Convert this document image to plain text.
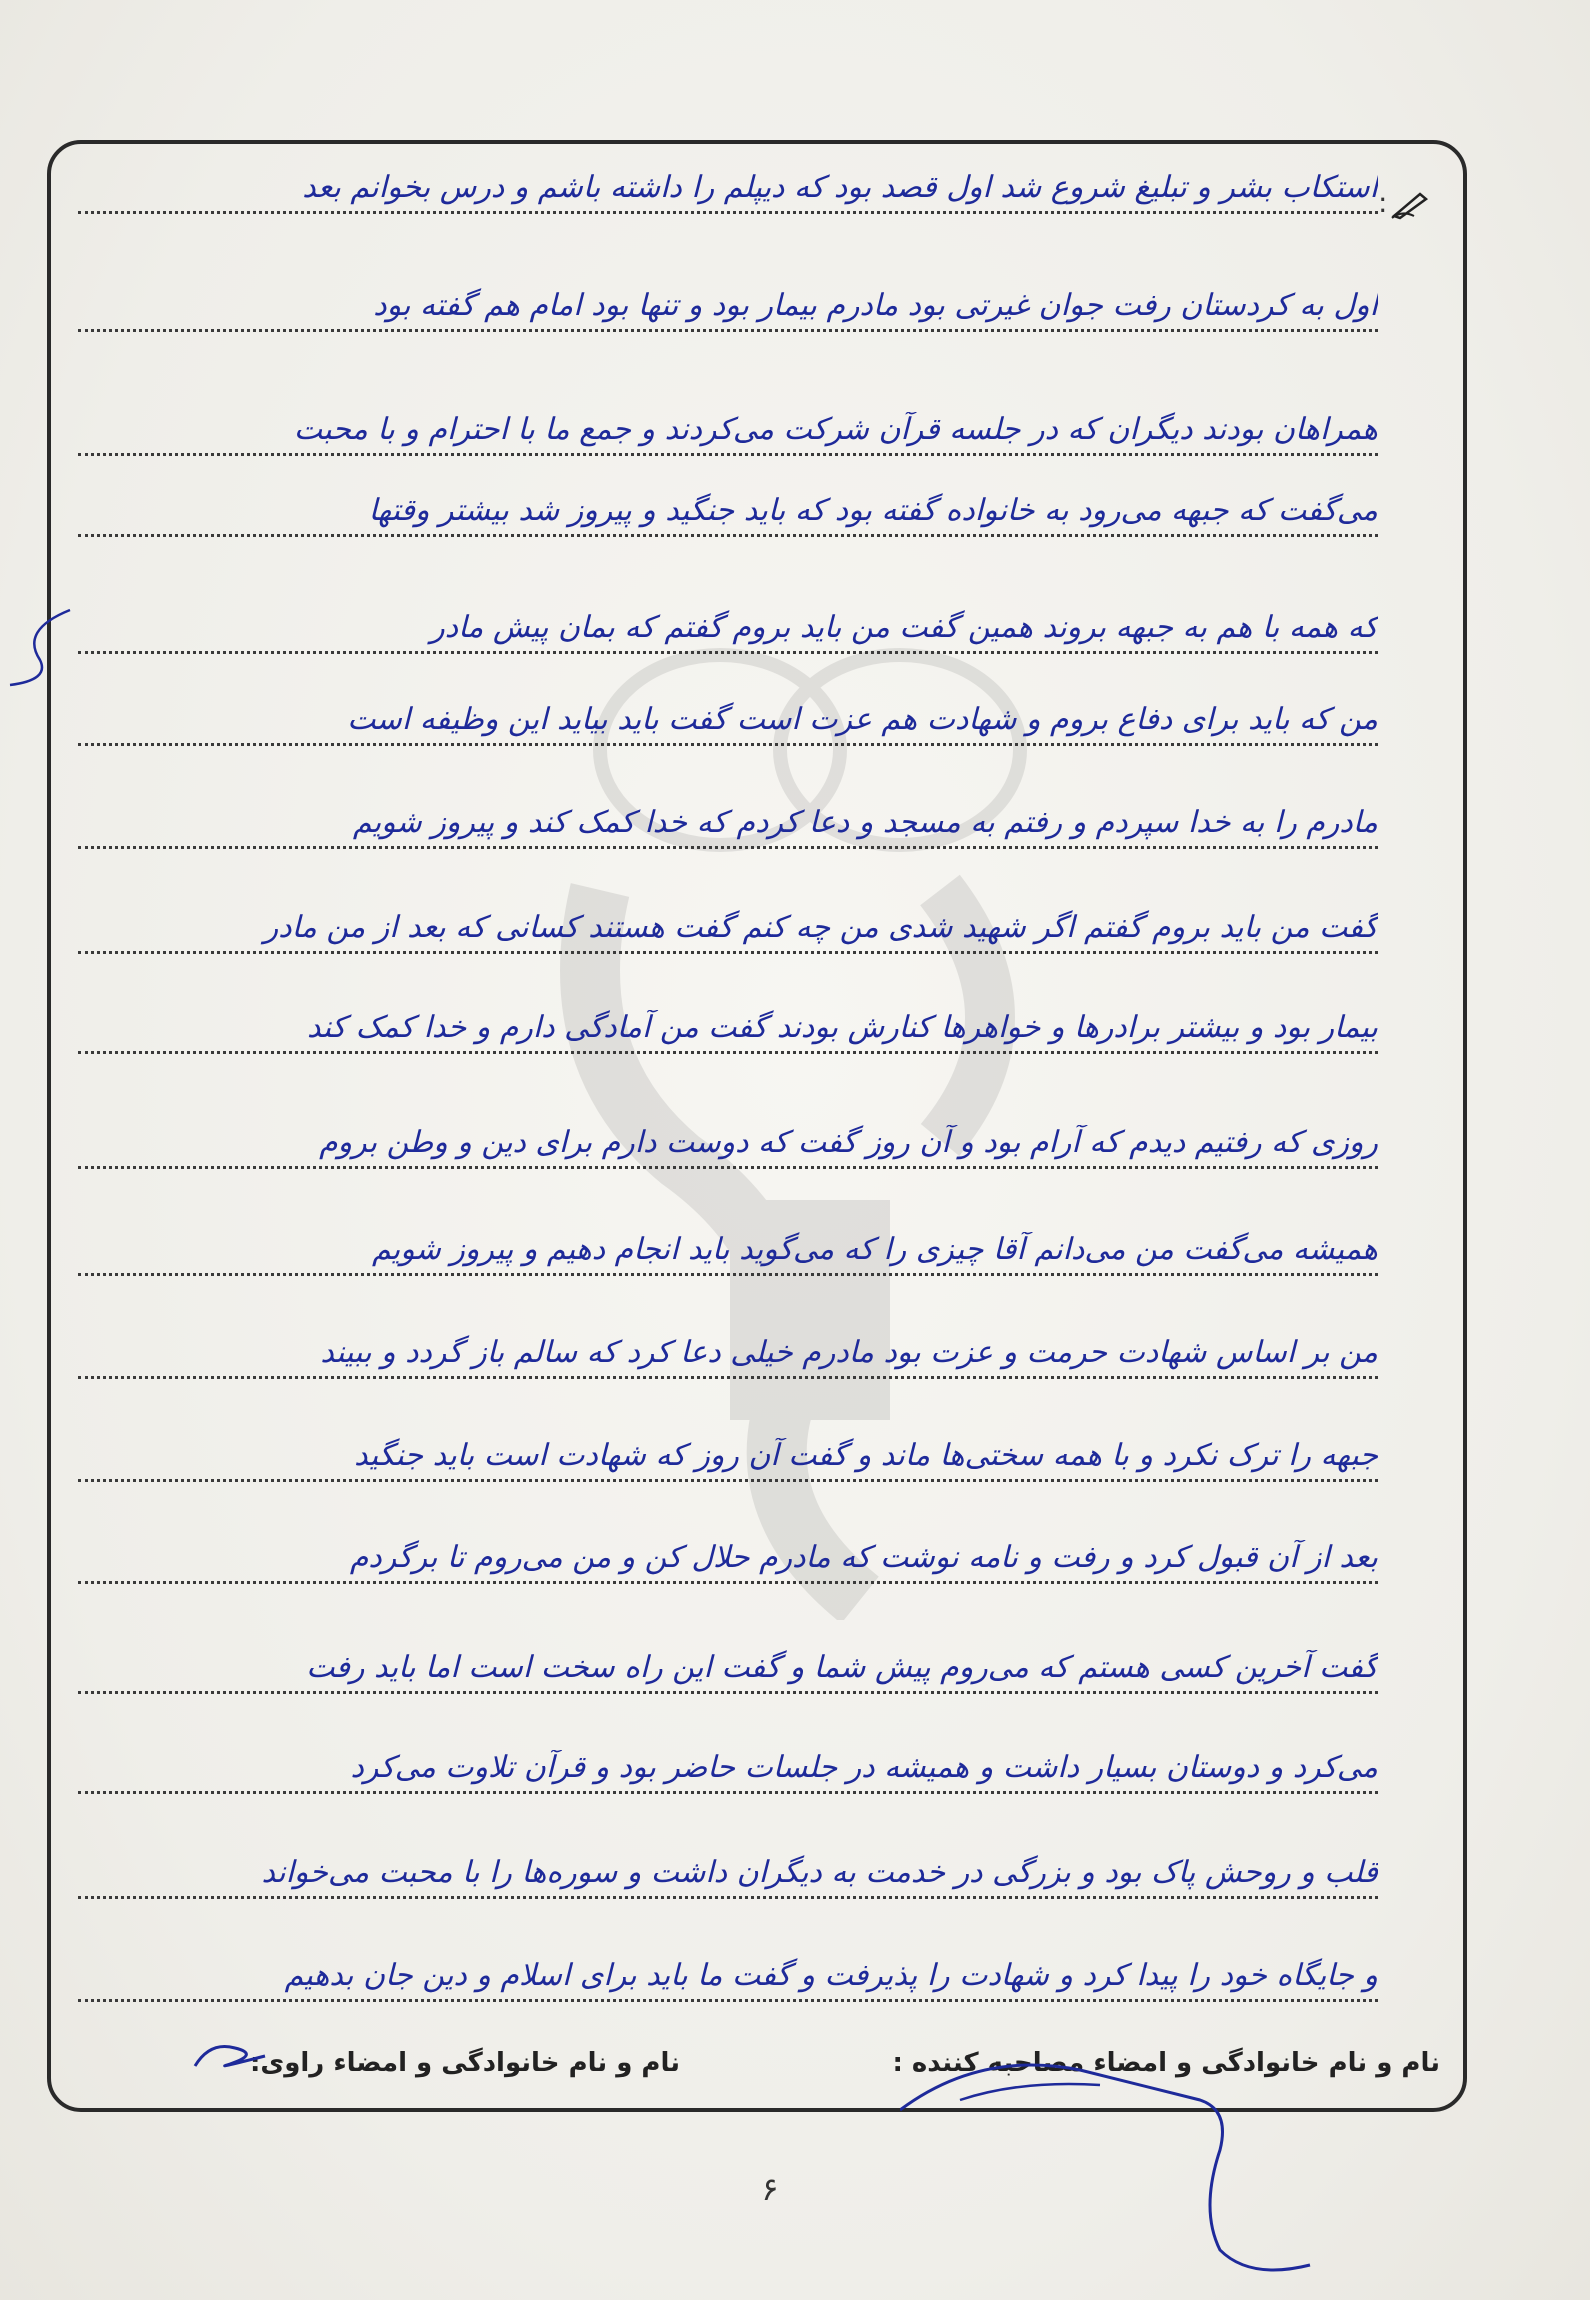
:
استکاب بشر و تبلیغ شروع شد اول قصد بود که دیپلم را داشته باشم و درس بخوانم بعد
اول به کردستان رفت جوان غیرتی بود مادرم بیمار بود و تنها بود امام هم گفته بود
همراهان بودند دیگران که در جلسه قرآن شرکت می‌کردند و جمع ما با احترام و با محبت
می‌گفت که جبهه می‌رود به خانواده گفته بود که باید جنگید و پیروز شد بیشتر وقتها
که همه با هم به جبهه بروند همین گفت من باید بروم گفتم که بمان پیش مادر
من که باید برای دفاع بروم و شهادت هم عزت است گفت باید بیاید این وظیفه است
مادرم را به خدا سپردم و رفتم به مسجد و دعا کردم که خدا کمک کند و پیروز شویم
گفت من باید بروم گفتم اگر شهید شدی من چه کنم گفت هستند کسانی که بعد از من مادر
بیمار بود و بیشتر برادرها و خواهرها کنارش بودند گفت من آمادگی دارم و خدا کمک کند
روزی که رفتیم دیدم که آرام بود و آن روز گفت که دوست دارم برای دین و وطن بروم
همیشه می‌گفت من می‌دانم آقا چیزی را که می‌گوید باید انجام دهیم و پیروز شویم
من بر اساس شهادت حرمت و عزت بود مادرم خیلی دعا کرد که سالم باز گردد و ببیند
جبهه را ترک نکرد و با همه سختی‌ها ماند و گفت آن روز که شهادت است باید جنگید
بعد از آن قبول کرد و رفت و نامه نوشت که مادرم حلال کن و من می‌روم تا برگردم
گفت آخرین کسی هستم که می‌روم پیش شما و گفت این راه سخت است اما باید رفت
می‌کرد و دوستان بسیار داشت و همیشه در جلسات حاضر بود و قرآن تلاوت می‌کرد
قلب و روحش پاک بود و بزرگی در خدمت به دیگران داشت و سوره‌ها را با محبت می‌خواند
و جایگاه خود را پیدا کرد و شهادت را پذیرفت و گفت ما باید برای اسلام و دین جان بدهیم
نام و نام خانوادگی و امضاء مصاحبه کننده :
نام و نام خانوادگی و امضاء راوی:
۶
